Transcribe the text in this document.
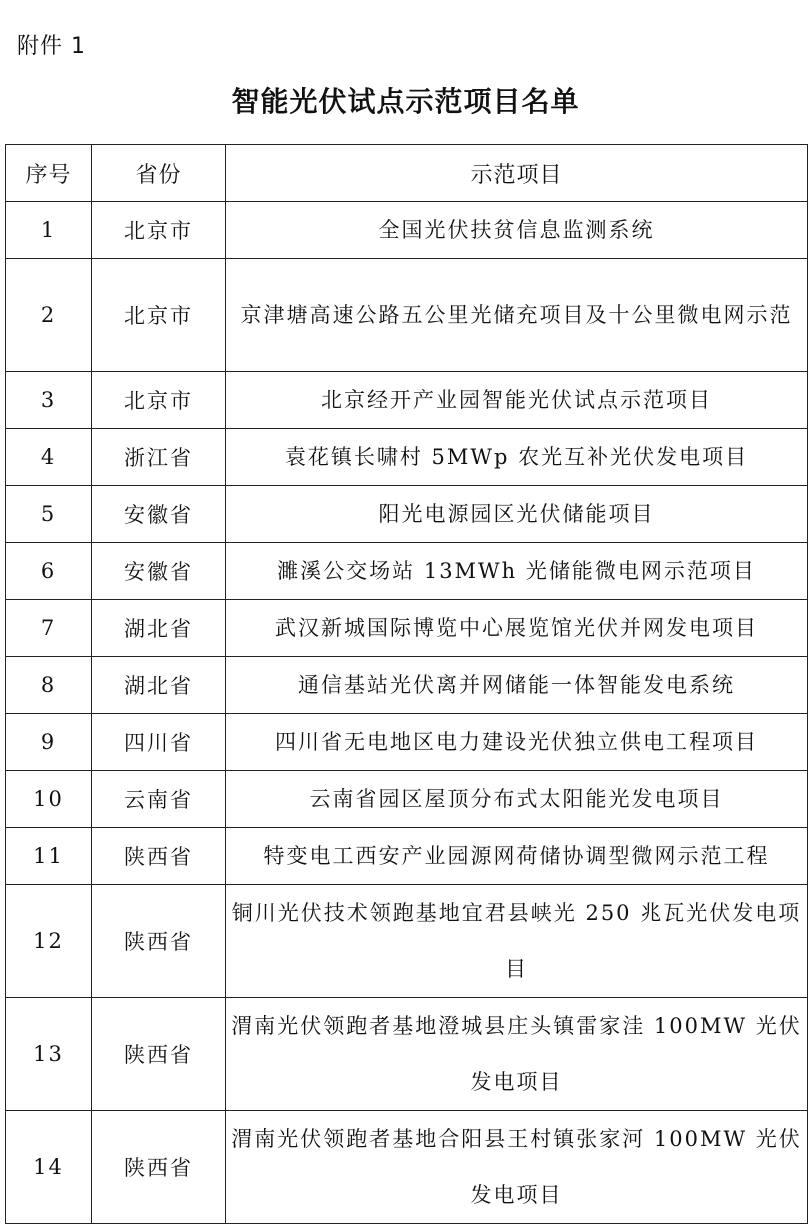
附件 1
智能光伏试点示范项目名单
序号	省份	示范项目
1	北京市	全国光伏扶贫信息监测系统
2	北京市	京津塘高速公路五公里光储充项目及十公里微电网示范
3	北京市	北京经开产业园智能光伏试点示范项目
4	浙江省	袁花镇长啸村 5MWp 农光互补光伏发电项目
5	安徽省	阳光电源园区光伏储能项目
6	安徽省	濉溪公交场站 13MWh 光储能微电网示范项目
7	湖北省	武汉新城国际博览中心展览馆光伏并网发电项目
8	湖北省	通信基站光伏离并网储能一体智能发电系统
9	四川省	四川省无电地区电力建设光伏独立供电工程项目
10	云南省	云南省园区屋顶分布式太阳能光发电项目
11	陕西省	特变电工西安产业园源网荷储协调型微网示范工程
12	陕西省	铜川光伏技术领跑基地宜君县峡光 250 兆瓦光伏发电项目
13	陕西省	渭南光伏领跑者基地澄城县庄头镇雷家洼 100MW 光伏发电项目
14	陕西省	渭南光伏领跑者基地合阳县王村镇张家河 100MW 光伏发电项目
